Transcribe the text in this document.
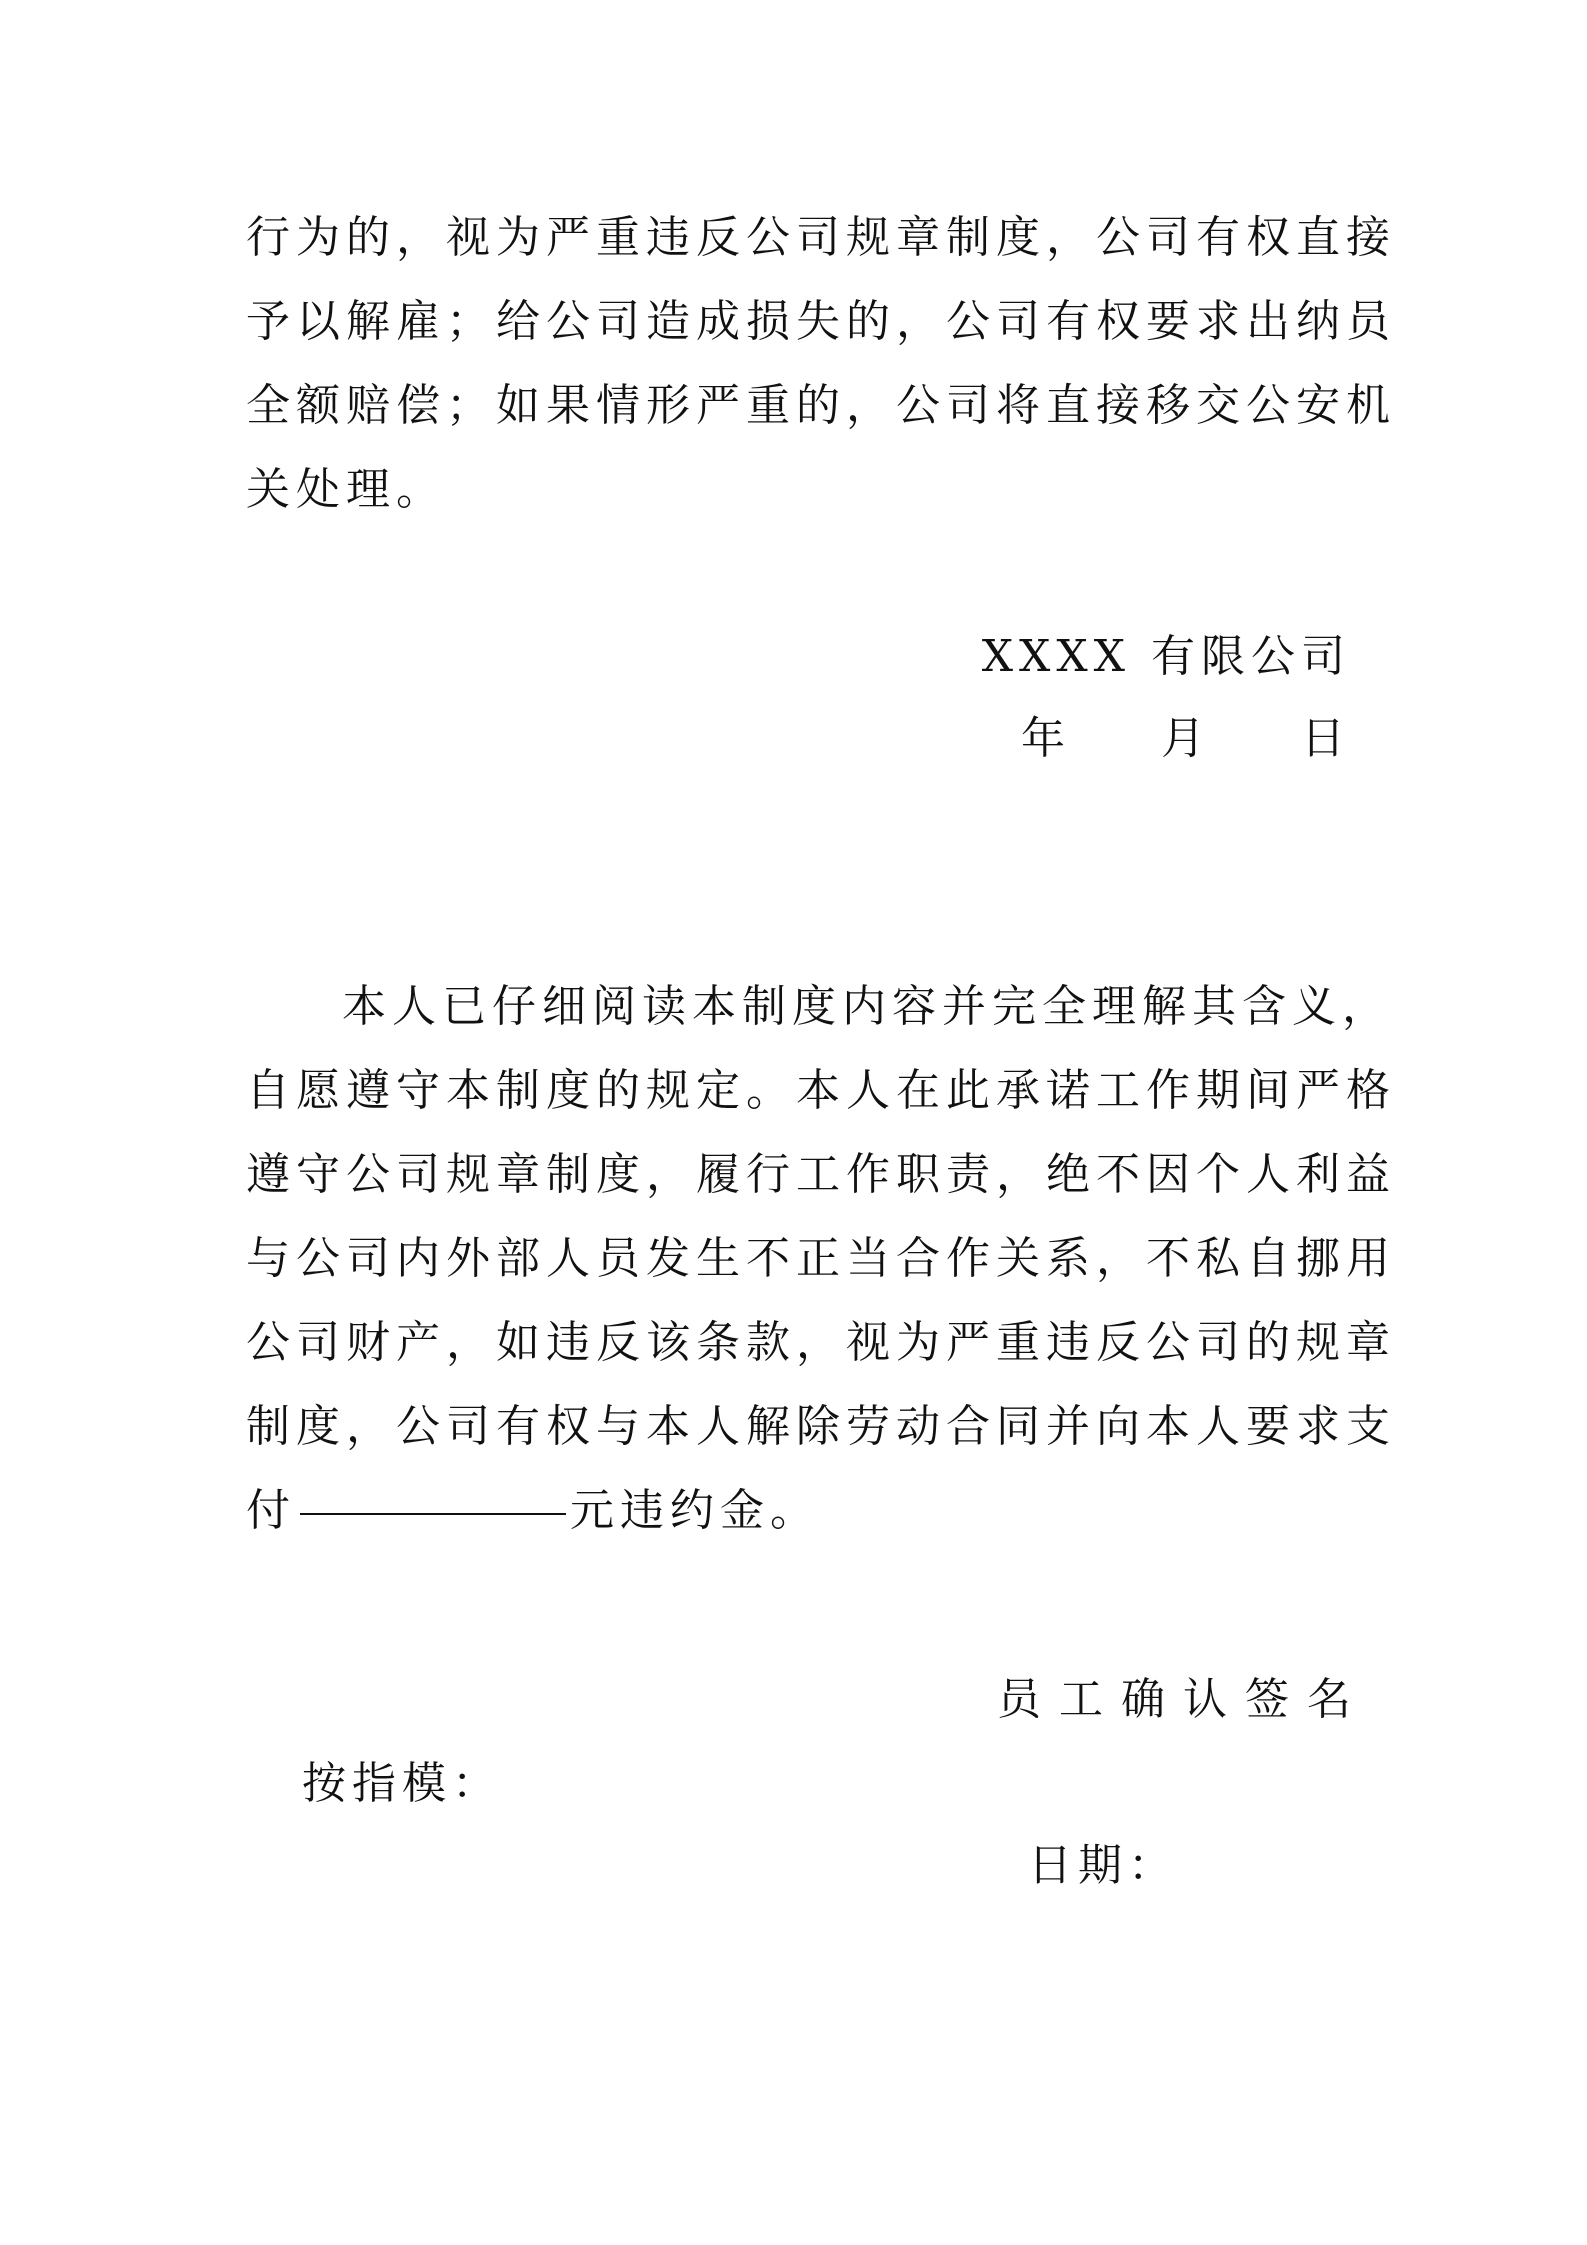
行为的，视为严重违反公司规章制度，公司有权直接
予以解雇；给公司造成损失的，公司有权要求出纳员
全额赔偿；如果情形严重的，公司将直接移交公安机
关处理。
XXXX 有限公司
年 月 日
本人已仔细阅读本制度内容并完全理解其含义，
自愿遵守本制度的规定。本人在此承诺工作期间严格
遵守公司规章制度，履行工作职责，绝不因个人利益
与公司内外部人员发生不正当合作关系，不私自挪用
公司财产，如违反该条款，视为严重违反公司的规章
制度，公司有权与本人解除劳动合同并向本人要求支
付	元违约金。
员工确认签名
按指模：
日期：
